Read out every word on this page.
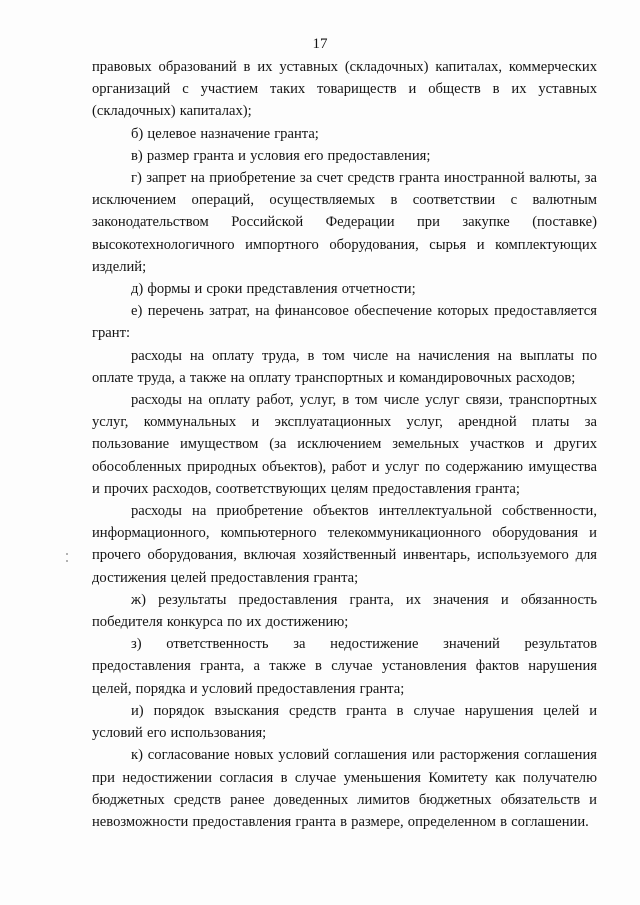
17

правовых образований в их уставных (складочных) капиталах, коммерческих организаций с участием таких товариществ и обществ в их уставных (складочных) капиталах);

б) целевое назначение гранта;

в) размер гранта и условия его предоставления;

г) запрет на приобретение за счет средств гранта иностранной валюты, за исключением операций, осуществляемых в соответствии с валютным законодательством Российской Федерации при закупке (поставке) высокотехнологичного импортного оборудования, сырья и комплектующих изделий;

д) формы и сроки представления отчетности;

е) перечень затрат, на финансовое обеспечение которых предоставляется грант:

расходы на оплату труда, в том числе на начисления на выплаты по оплате труда, а также на оплату транспортных и командировочных расходов;

расходы на оплату работ, услуг, в том числе услуг связи, транспортных услуг, коммунальных и эксплуатационных услуг, арендной платы за пользование имуществом (за исключением земельных участков и других обособленных природных объектов), работ и услуг по содержанию имущества и прочих расходов, соответствующих целям предоставления гранта;

расходы на приобретение объектов интеллектуальной собственности, информационного, компьютерного телекоммуникационного оборудования и прочего оборудования, включая хозяйственный инвентарь, используемого для достижения целей предоставления гранта;

ж) результаты предоставления гранта, их значения и обязанность победителя конкурса по их достижению;

з) ответственность за недостижение значений результатов предоставления гранта, а также в случае установления фактов нарушения целей, порядка и условий предоставления гранта;

и) порядок взыскания средств гранта в случае нарушения целей и условий его использования;

к) согласование новых условий соглашения или расторжения соглашения при недостижении согласия в случае уменьшения Комитету как получателю бюджетных средств ранее доведенных лимитов бюджетных обязательств и невозможности предоставления гранта в размере, определенном в соглашении.
